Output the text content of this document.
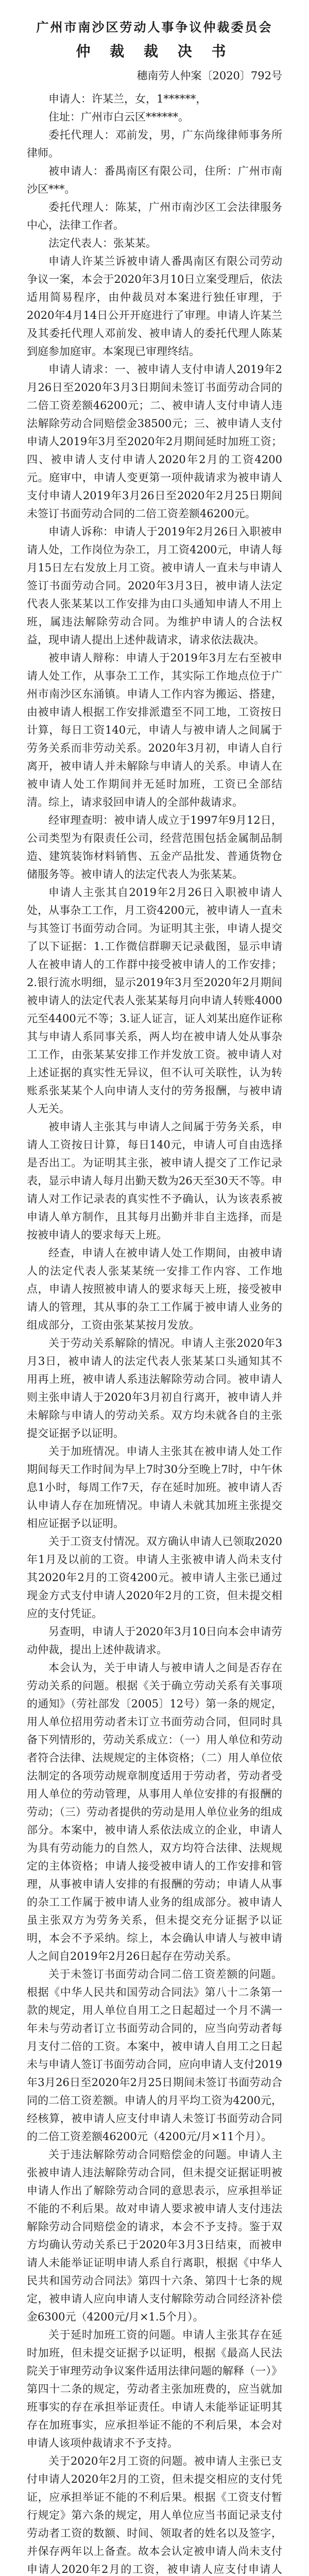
广州市南沙区劳动人事争议仲裁委员会

仲 裁 裁 决 书

穗南劳人仲案〔2020〕792号

申请人：许某兰，女，1******，

住址：广州市白云区******。

委托代理人：邓前发，男，广东尚缘律师事务所律师。

被申请人：番禺南区有限公司，住所：广州市南沙区***。

委托代理人：陈某，广州市南沙区工会法律服务中心，法律工作者。

法定代表人：张某某。

申请人许某兰诉被申请人番禺南区有限公司劳动争议一案，本会于2020年3月10日立案受理后，依法适用简易程序，由仲裁员对本案进行独任审理，于2020年4月14日公开开庭进行了审理。申请人许某兰及其委托代理人邓前发、被申请人的委托代理人陈某到庭参加庭审。本案现已审理终结。

申请人请求：一、被申请人支付申请人2019年2月26日至2020年3月3日期间未签订书面劳动合同的二倍工资差额46200元；二、被申请人支付申请人违法解除劳动合同赔偿金38500元；三、被申请人支付申请人2019年3月至2020年2月期间延时加班工资；四、被申请人支付申请人2020年2月的工资4200元。庭审中，申请人变更第一项仲裁请求为被申请人支付申请人2019年3月26日至2020年2月25日期间未签订书面劳动合同的二倍工资差额46200元。

申请人诉称：申请人于2019年2月26日入职被申请人处，工作岗位为杂工，月工资4200元，申请人每月15日左右发放上月工资。被申请人一直未与申请人签订书面劳动合同。2020年3月3日，被申请人法定代表人张某某以工作安排为由口头通知申请人不用上班，属违法解除劳动合同。为维护申请人的合法权益，现申请人提出上述仲裁请求，请求依法裁决。

被申请人辩称：申请人于2019年3月左右至被申请人处工作，从事杂工工作，其实际工作地点位于广州市南沙区东涌镇。申请人工作内容为搬运、搭建，由被申请人根据工作安排派遣至不同工地，工资按日计算，每日工资140元，申请人与被申请人之间属于劳务关系而非劳动关系。2020年3月初，申请人自行离开，被申请人并未解除与申请人的关系。申请人在被申请人处工作期间并无延时加班，工资已全部结清。综上，请求驳回申请人的全部仲裁请求。

经审理查明：被申请人成立于1997年9月12日，公司类型为有限责任公司，经营范围包括金属制品制造、建筑装饰材料销售、五金产品批发、普通货物仓储服务等。被申请人的法定代表人为张某某。

申请人主张其自2019年2月26日入职被申请人处，从事杂工工作，月工资4200元，被申请人一直未与其签订书面劳动合同。为证明其主张，申请人提交了以下证据：1.工作微信群聊天记录截图，显示申请人在被申请人的工作群中接受被申请人的工作安排；2.银行流水明细，显示2019年3月至2020年2月期间被申请人的法定代表人张某某每月向申请人转账4000元至4400元不等；3.证人证言，证人刘某出庭作证称其与申请人系同事关系，两人均在被申请人处从事杂工工作，由张某某安排工作并发放工资。被申请人对上述证据的真实性无异议，但不认可关联性，认为转账系张某某个人向申请人支付的劳务报酬，与被申请人无关。

被申请人主张其与申请人之间属于劳务关系，申请人工资按日计算，每日140元，申请人可自由选择是否出工。为证明其主张，被申请人提交了工作记录表，显示申请人每月出勤天数为26天至30天不等。申请人对工作记录表的真实性不予确认，认为该表系被申请人单方制作，且其每月出勤并非自主选择，而是按被申请人的要求每天上班。

经查，申请人在被申请人处工作期间，由被申请人的法定代表人张某某统一安排工作内容、工作地点，申请人按照被申请人的要求每天上班，接受被申请人的管理，其从事的杂工工作属于被申请人业务的组成部分，工资由张某某按月发放。

关于劳动关系解除的情况。申请人主张2020年3月3日，被申请人的法定代表人张某某口头通知其不用再上班，被申请人系违法解除劳动合同。被申请人则主张申请人于2020年3月初自行离开，被申请人并未解除与申请人的劳动关系。双方均未就各自的主张提交证据予以证明。

关于加班情况。申请人主张其在被申请人处工作期间每天工作时间为早上7时30分至晚上7时，中午休息1小时，每周工作7天，存在延时加班。被申请人否认申请人存在加班情况。申请人未就其加班主张提交相应证据予以证明。

关于工资支付情况。双方确认申请人已领取2020年1月及以前的工资。申请人主张被申请人尚未支付其2020年2月的工资4200元。被申请人主张已通过现金方式支付申请人2020年2月的工资，但未提交相应的支付凭证。

另查明，申请人于2020年3月10日向本会申请劳动仲裁，提出上述仲裁请求。

本会认为，关于申请人与被申请人之间是否存在劳动关系的问题。根据《关于确立劳动关系有关事项的通知》（劳社部发〔2005〕12号）第一条的规定，用人单位招用劳动者未订立书面劳动合同，但同时具备下列情形的，劳动关系成立：（一）用人单位和劳动者符合法律、法规规定的主体资格；（二）用人单位依法制定的各项劳动规章制度适用于劳动者，劳动者受用人单位的劳动管理，从事用人单位安排的有报酬的劳动；（三）劳动者提供的劳动是用人单位业务的组成部分。本案中，被申请人系依法成立的企业，申请人为具有劳动能力的自然人，双方均符合法律、法规规定的主体资格；申请人接受被申请人的工作安排和管理，从事被申请人安排的有报酬的劳动；申请人从事的杂工工作属于被申请人业务的组成部分。被申请人虽主张双方为劳务关系，但未提交充分证据予以证明，本会不予采纳。综上，本会确认申请人与被申请人之间自2019年2月26日起存在劳动关系。

关于未签订书面劳动合同二倍工资差额的问题。根据《中华人民共和国劳动合同法》第八十二条第一款的规定，用人单位自用工之日起超过一个月不满一年未与劳动者订立书面劳动合同的，应当向劳动者每月支付二倍的工资。本案中，被申请人自用工之日起未与申请人签订书面劳动合同，应向申请人支付2019年3月26日至2020年2月25日期间未签订书面劳动合同的二倍工资差额。申请人的月平均工资为4200元，经核算，被申请人应支付申请人未签订书面劳动合同的二倍工资差额46200元（4200元/月×11个月）。

关于违法解除劳动合同赔偿金的问题。申请人主张被申请人违法解除劳动合同，但未提交证据证明被申请人作出了解除劳动合同的意思表示，应承担举证不能的不利后果。故对申请人要求被申请人支付违法解除劳动合同赔偿金的请求，本会不予支持。鉴于双方均确认劳动关系已于2020年3月3日结束，而被申请人未能举证证明申请人系自行离职，根据《中华人民共和国劳动合同法》第四十六条、第四十七条的规定，被申请人应向申请人支付解除劳动合同经济补偿金6300元（4200元/月×1.5个月）。

关于延时加班工资的问题。申请人主张其存在延时加班，但未提交证据予以证明，根据《最高人民法院关于审理劳动争议案件适用法律问题的解释（一）》第四十二条的规定，劳动者主张加班费的，应当就加班事实的存在承担举证责任。申请人未能举证证明其存在加班事实，应承担举证不能的不利后果，本会对申请人该项仲裁请求不予支持。

关于2020年2月工资的问题。被申请人主张已支付申请人2020年2月的工资，但未提交相应的支付凭证，应承担举证不能的不利后果。根据《工资支付暂行规定》第六条的规定，用人单位应当书面记录支付劳动者工资的数额、时间、领取者的姓名以及签字，并保存两年以上备查。故本会认定被申请人尚未支付申请人2020年2月的工资，被申请人应支付申请人
